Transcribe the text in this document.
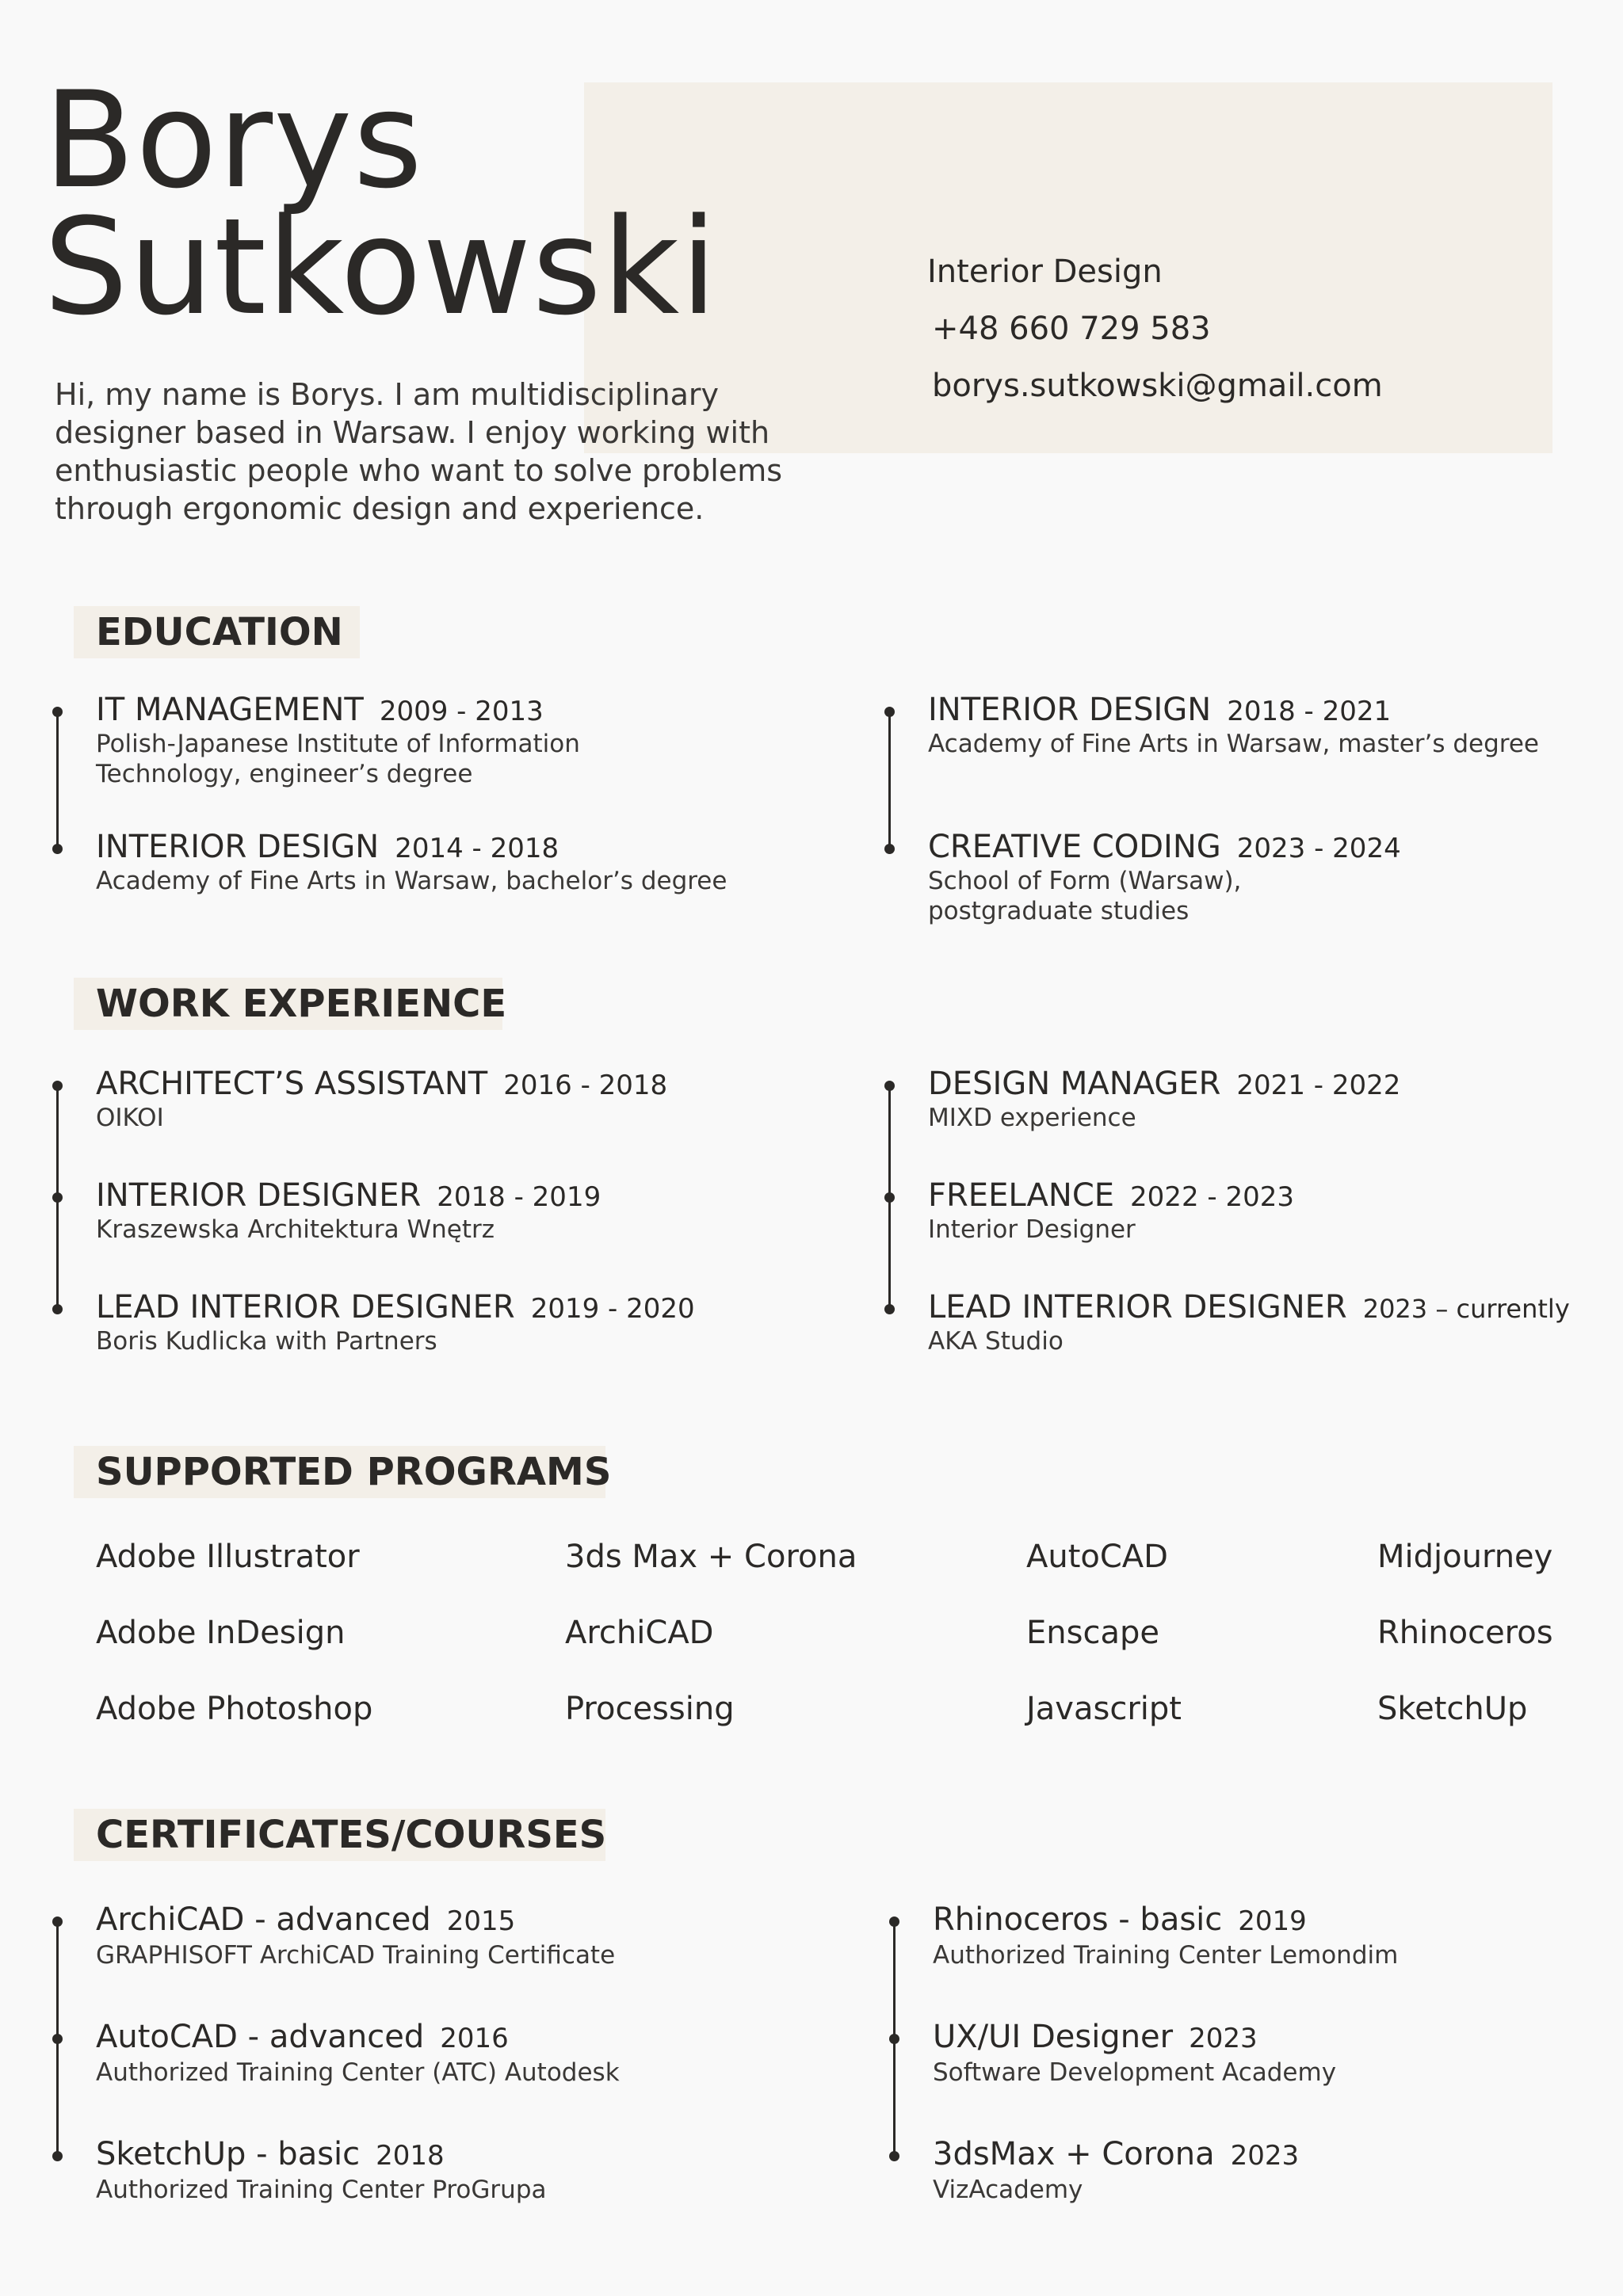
Borys
Sutkowski

Hi, my name is Borys. I am multidisciplinary designer based in Warsaw. I enjoy working with enthusiastic people who want to solve problems through ergonomic design and experience.

Interior Design
+48 660 729 583
borys.sutkowski@gmail.com
EDUCATION
IT MANAGEMENT 2009 - 2013
Polish-Japanese Institute of Information
Technology, engineer’s degree
INTERIOR DESIGN 2014 - 2018
Academy of Fine Arts in Warsaw, bachelor’s degree
INTERIOR DESIGN 2018 - 2021
Academy of Fine Arts in Warsaw, master’s degree
CREATIVE CODING 2023 - 2024
School of Form (Warsaw),
postgraduate studies
WORK EXPERIENCE
ARCHITECT’S ASSISTANT 2016 - 2018
OIKOI
INTERIOR DESIGNER 2018 - 2019
Kraszewska Architektura Wnętrz
LEAD INTERIOR DESIGNER 2019 - 2020
Boris Kudlicka with Partners
DESIGN MANAGER 2021 - 2022
MIXD experience
FREELANCE 2022 - 2023
Interior Designer
LEAD INTERIOR DESIGNER 2023 – currently
AKA Studio
SUPPORTED PROGRAMS
Adobe Illustrator
Adobe InDesign
Adobe Photoshop
3ds Max + Corona
ArchiCAD
Processing
AutoCAD
Enscape
Javascript
Midjourney
Rhinoceros
SketchUp
CERTIFICATES/COURSES
ArchiCAD - advanced 2015
GRAPHISOFT ArchiCAD Training Certificate
AutoCAD - advanced 2016
Authorized Training Center (ATC) Autodesk
SketchUp - basic 2018
Authorized Training Center ProGrupa
Rhinoceros - basic 2019
Authorized Training Center Lemondim
UX/UI Designer 2023
Software Development Academy
3dsMax + Corona 2023
VizAcademy
